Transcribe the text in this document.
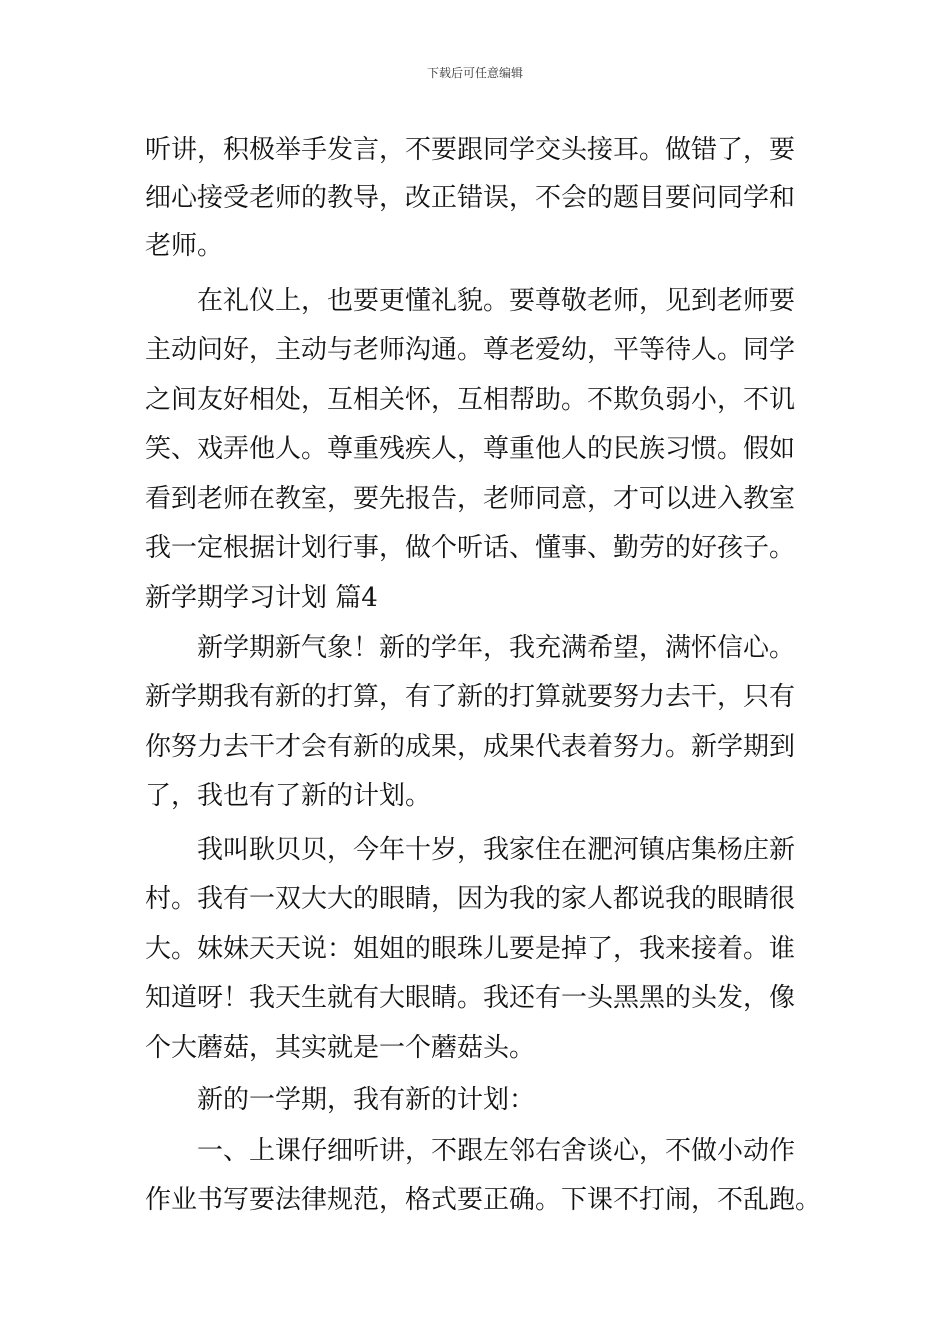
下载后可任意编辑
听讲，积极举手发言，不要跟同学交头接耳。做错了，要
细心接受老师的教导，改正错误，不会的题目要问同学和
老师。
在礼仪上，也要更懂礼貌。要尊敬老师，见到老师要
主动问好，主动与老师沟通。尊老爱幼，平等待人。同学
之间友好相处，互相关怀，互相帮助。不欺负弱小，不讥
笑、戏弄他人。尊重残疾人，尊重他人的民族习惯。假如
看到老师在教室，要先报告，老师同意，才可以进入教室
我一定根据计划行事，做个听话、懂事、勤劳的好孩子。
新学期学习计划 篇4
新学期新气象！新的学年，我充满希望，满怀信心。
新学期我有新的打算，有了新的打算就要努力去干，只有
你努力去干才会有新的成果，成果代表着努力。新学期到
了，我也有了新的计划。
我叫耿贝贝，今年十岁，我家住在淝河镇店集杨庄新
村。我有一双大大的眼睛，因为我的家人都说我的眼睛很
大。妹妹天天说：姐姐的眼珠儿要是掉了，我来接着。谁
知道呀！我天生就有大眼睛。我还有一头黑黑的头发，像
个大蘑菇，其实就是一个蘑菇头。
新的一学期，我有新的计划：
一、上课仔细听讲，不跟左邻右舍谈心，不做小动作
作业书写要法律规范，格式要正确。下课不打闹，不乱跑。
